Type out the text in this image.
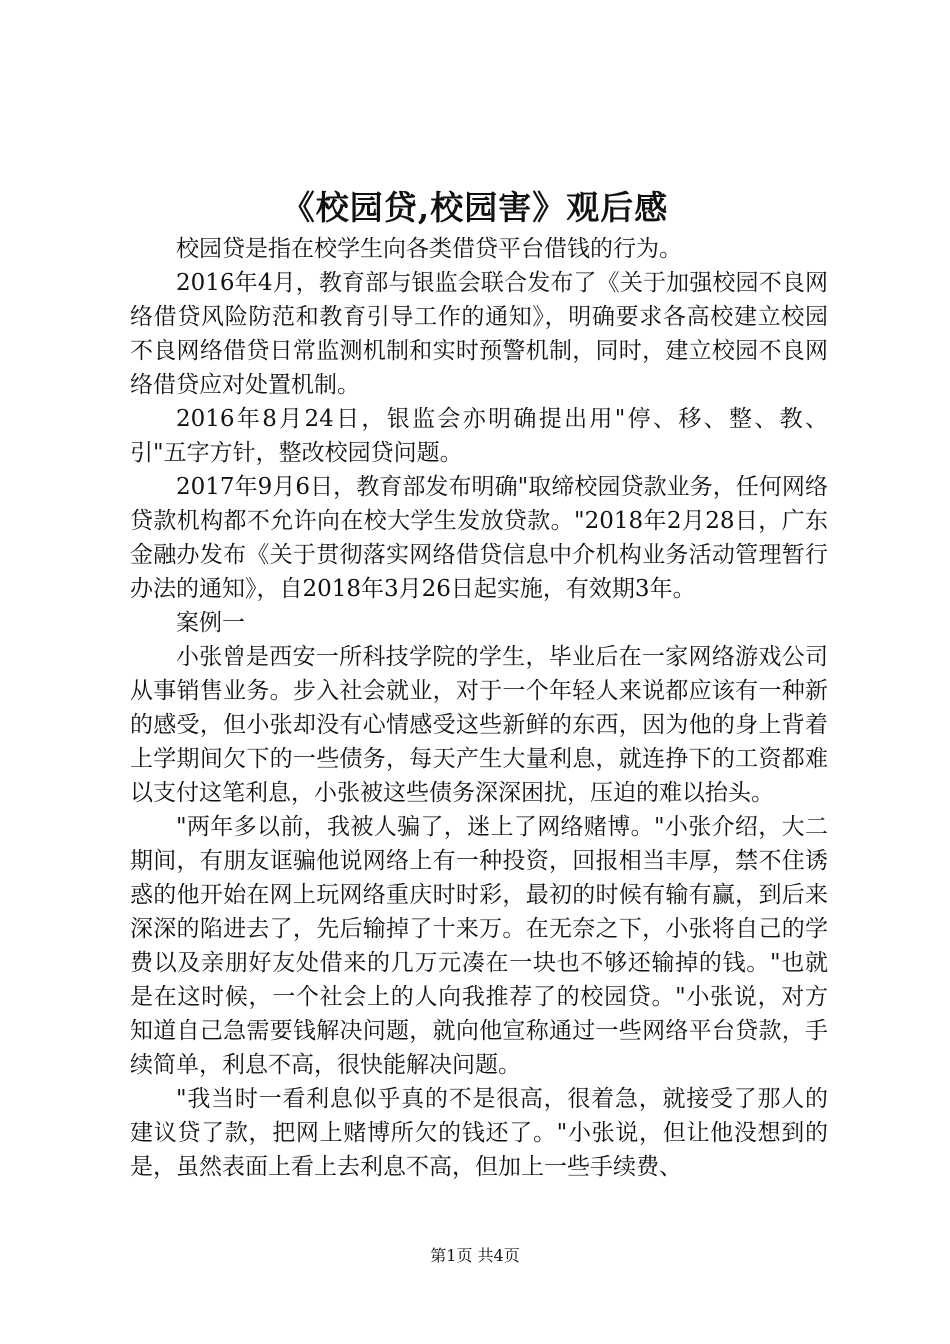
《校园贷,校园害》观后感

校园贷是指在校学生向各类借贷平台借钱的行为。

2016年4月，教育部与银监会联合发布了《关于加强校园不良网络借贷风险防范和教育引导工作的通知》，明确要求各高校建立校园不良网络借贷日常监测机制和实时预警机制，同时，建立校园不良网络借贷应对处置机制。

2016年8月24日，银监会亦明确提出用"停、移、整、教、引"五字方针，整改校园贷问题。

2017年9月6日，教育部发布明确"取缔校园贷款业务，任何网络贷款机构都不允许向在校大学生发放贷款。"2018年2月28日，广东金融办发布《关于贯彻落实网络借贷信息中介机构业务活动管理暂行办法的通知》，自2018年3月26日起实施，有效期3年。

案例一

小张曾是西安一所科技学院的学生，毕业后在一家网络游戏公司从事销售业务。步入社会就业，对于一个年轻人来说都应该有一种新的感受，但小张却没有心情感受这些新鲜的东西，因为他的身上背着上学期间欠下的一些债务，每天产生大量利息，就连挣下的工资都难以支付这笔利息，小张被这些债务深深困扰，压迫的难以抬头。

"两年多以前，我被人骗了，迷上了网络赌博。"小张介绍，大二期间，有朋友诓骗他说网络上有一种投资，回报相当丰厚，禁不住诱惑的他开始在网上玩网络重庆时时彩，最初的时候有输有赢，到后来深深的陷进去了，先后输掉了十来万。在无奈之下，小张将自己的学费以及亲朋好友处借来的几万元凑在一块也不够还输掉的钱。"也就是在这时候，一个社会上的人向我推荐了的校园贷。"小张说，对方知道自己急需要钱解决问题，就向他宣称通过一些网络平台贷款，手续简单，利息不高，很快能解决问题。

"我当时一看利息似乎真的不是很高，很着急，就接受了那人的建议贷了款，把网上赌博所欠的钱还了。"小张说，但让他没想到的是，虽然表面上看上去利息不高，但加上一些手续费、

第1页 共4页
